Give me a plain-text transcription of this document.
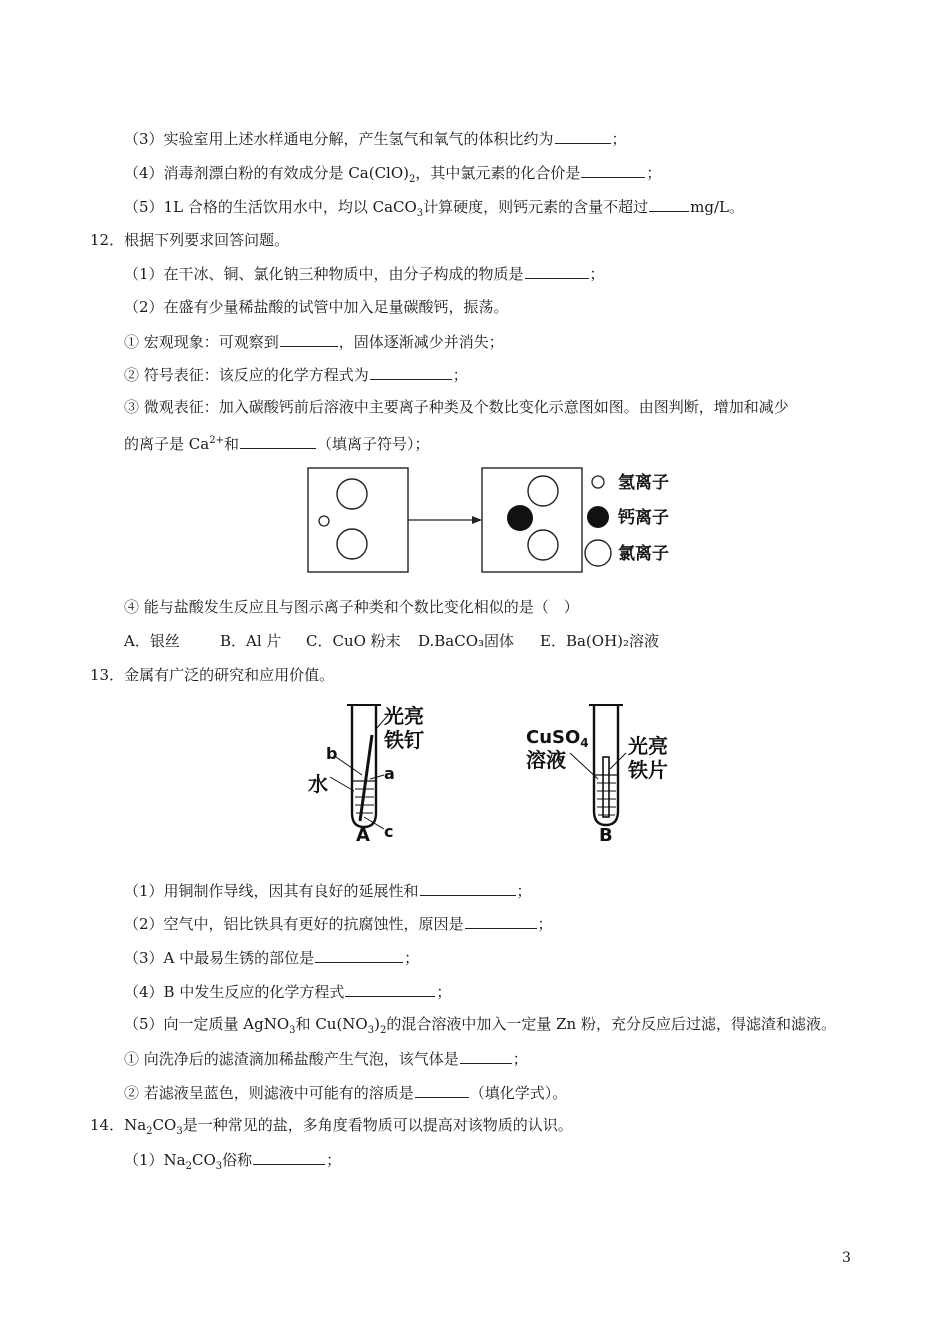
（3）实验室用上述水样通电分解，产生氢气和氧气的体积比约为	；
（4）消毒剂漂白粉的有效成分是 $Ca(ClO)_2$，其中氯元素的化合价是	；
（5）1L 合格的生活饮用水中，均以 CaCO$_3$计算硬度，则钙元素的含量不超过	mg/L。
12．根据下列要求回答问题。
（1）在干冰、铜、氯化钠三种物质中，由分子构成的物质是	；
（2）在盛有少量稀盐酸的试管中加入足量碳酸钙，振荡。
① 宏观现象：可观察到	，固体逐渐减少并消失；
② 符号表征：该反应的化学方程式为	；
③ 微观表征：加入碳酸钙前后溶液中主要离子种类及个数比变化示意图如图。由图判断，增加和减少
的离子是 $Ca^{2+}$和	（填离子符号）；
氢离子
钙离子
氯离子
④ 能与盐酸发生反应且与图示离子种类和个数比变化相似的是（　）
A．银丝	B．Al 片 C．CuO 粉末 D.BaCO₃固体 E．Ba(OH)₂溶液
13．金属有广泛的研究和应用价值。
光亮
铁钉
b
a
水
c
A
CuSO$_4$
溶液
光亮
铁片
B
（1）用铜制作导线，因其有良好的延展性和	；
（2）空气中，铝比铁具有更好的抗腐蚀性，原因是	；
（3）A 中最易生锈的部位是	；
（4）B 中发生反应的化学方程式	；
（5）向一定质量 AgNO$_3$和 $Cu(NO_3)_2$的混合溶液中加入一定量 Zn 粉，充分反应后过滤，得滤渣和滤液。
① 向洗净后的滤渣滴加稀盐酸产生气泡，该气体是	；
② 若滤液呈蓝色，则滤液中可能有的溶质是	（填化学式）。
14．$Na_2CO_3$是一种常见的盐，多角度看物质可以提高对该物质的认识。
$(1)Na_2CO_3$俗称	；
3
